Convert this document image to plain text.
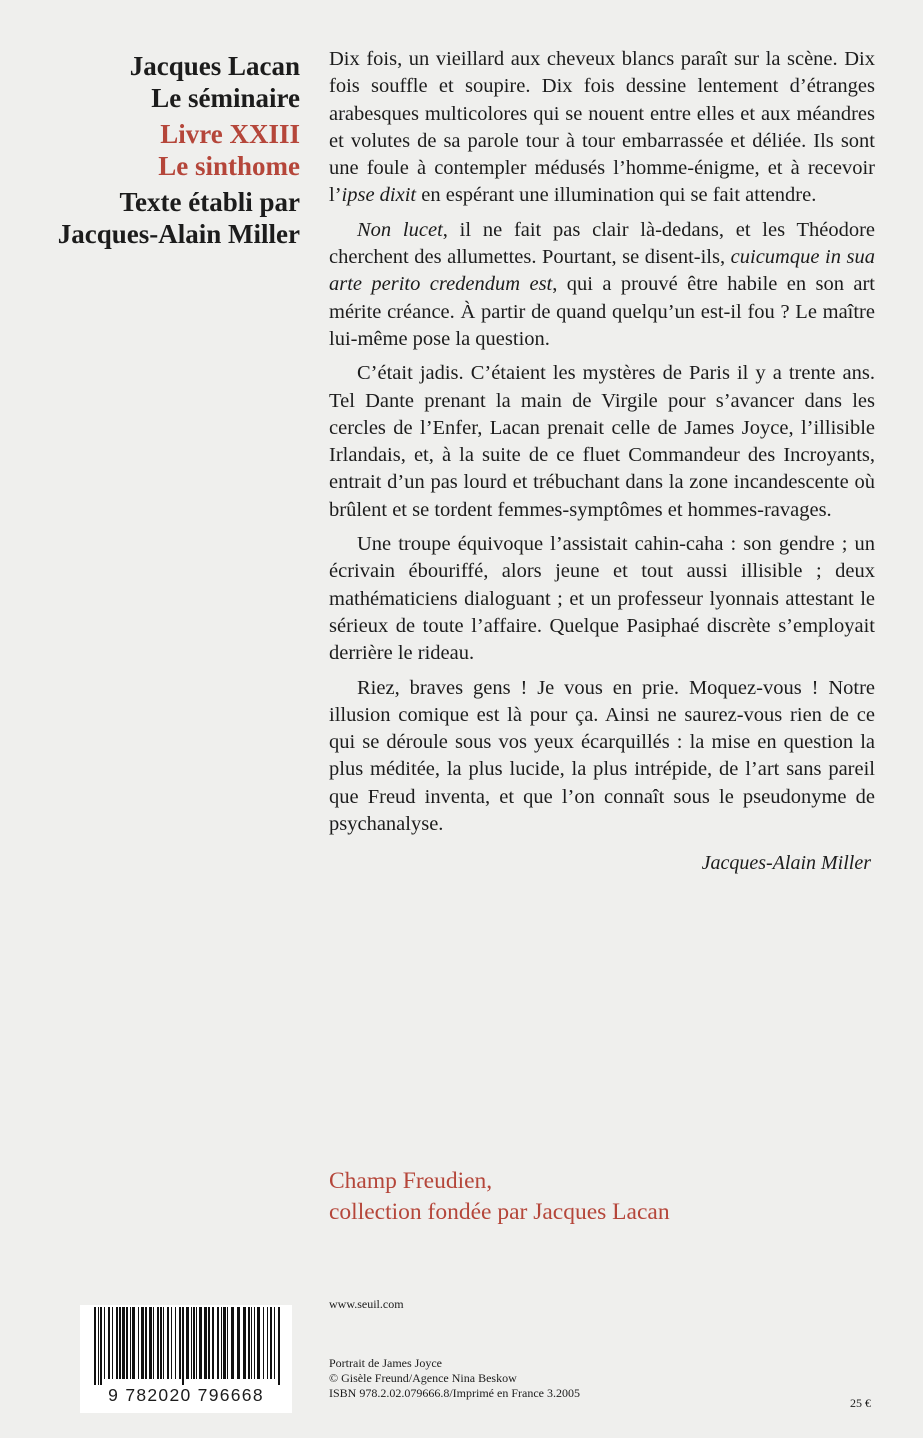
Jacques Lacan
Le séminaire
Livre XXIII
Le sinthome
Texte établi par
Jacques-Alain Miller

Dix fois, un vieillard aux cheveux blancs paraît sur la scène. Dix fois souffle et soupire. Dix fois dessine lentement d’étranges arabesques multicolores qui se nouent entre elles et aux méandres et volutes de sa parole tour à tour embarrassée et déliée. Ils sont une foule à contempler médusés l’homme-énigme, et à recevoir l’ipse dixit en espérant une illumination qui se fait attendre.

Non lucet, il ne fait pas clair là-dedans, et les Théodore cherchent des allumettes. Pourtant, se disent-ils, cuicumque in sua arte perito credendum est, qui a prouvé être habile en son art mérite créance. À partir de quand quelqu’un est-il fou ? Le maître lui-même pose la question.

C’était jadis. C’étaient les mystères de Paris il y a trente ans. Tel Dante prenant la main de Virgile pour s’avancer dans les cercles de l’Enfer, Lacan prenait celle de James Joyce, l’illisible Irlandais, et, à la suite de ce fluet Commandeur des Incroyants, entrait d’un pas lourd et trébuchant dans la zone incandescente où brûlent et se tordent femmes-symptômes et hommes-ravages.

Une troupe équivoque l’assistait cahin-caha : son gendre ; un écrivain ébouriffé, alors jeune et tout aussi illisible ; deux mathématiciens dialoguant ; et un professeur lyonnais attestant le sérieux de toute l’affaire. Quelque Pasiphaé discrète s’employait derrière le rideau.

Riez, braves gens ! Je vous en prie. Moquez-vous ! Notre illusion comique est là pour ça. Ainsi ne saurez-vous rien de ce qui se déroule sous vos yeux écarquillés : la mise en question la plus méditée, la plus lucide, la plus intrépide, de l’art sans pareil que Freud inventa, et que l’on connaît sous le pseudonyme de psychanalyse.

Jacques-Alain Miller
Champ Freudien,
collection fondée par Jacques Lacan
9 782020 796668
www.seuil.com
Portrait de James Joyce
© Gisèle Freund/Agence Nina Beskow
ISBN 978.2.02.079666.8/Imprimé en France 3.2005
25 €
